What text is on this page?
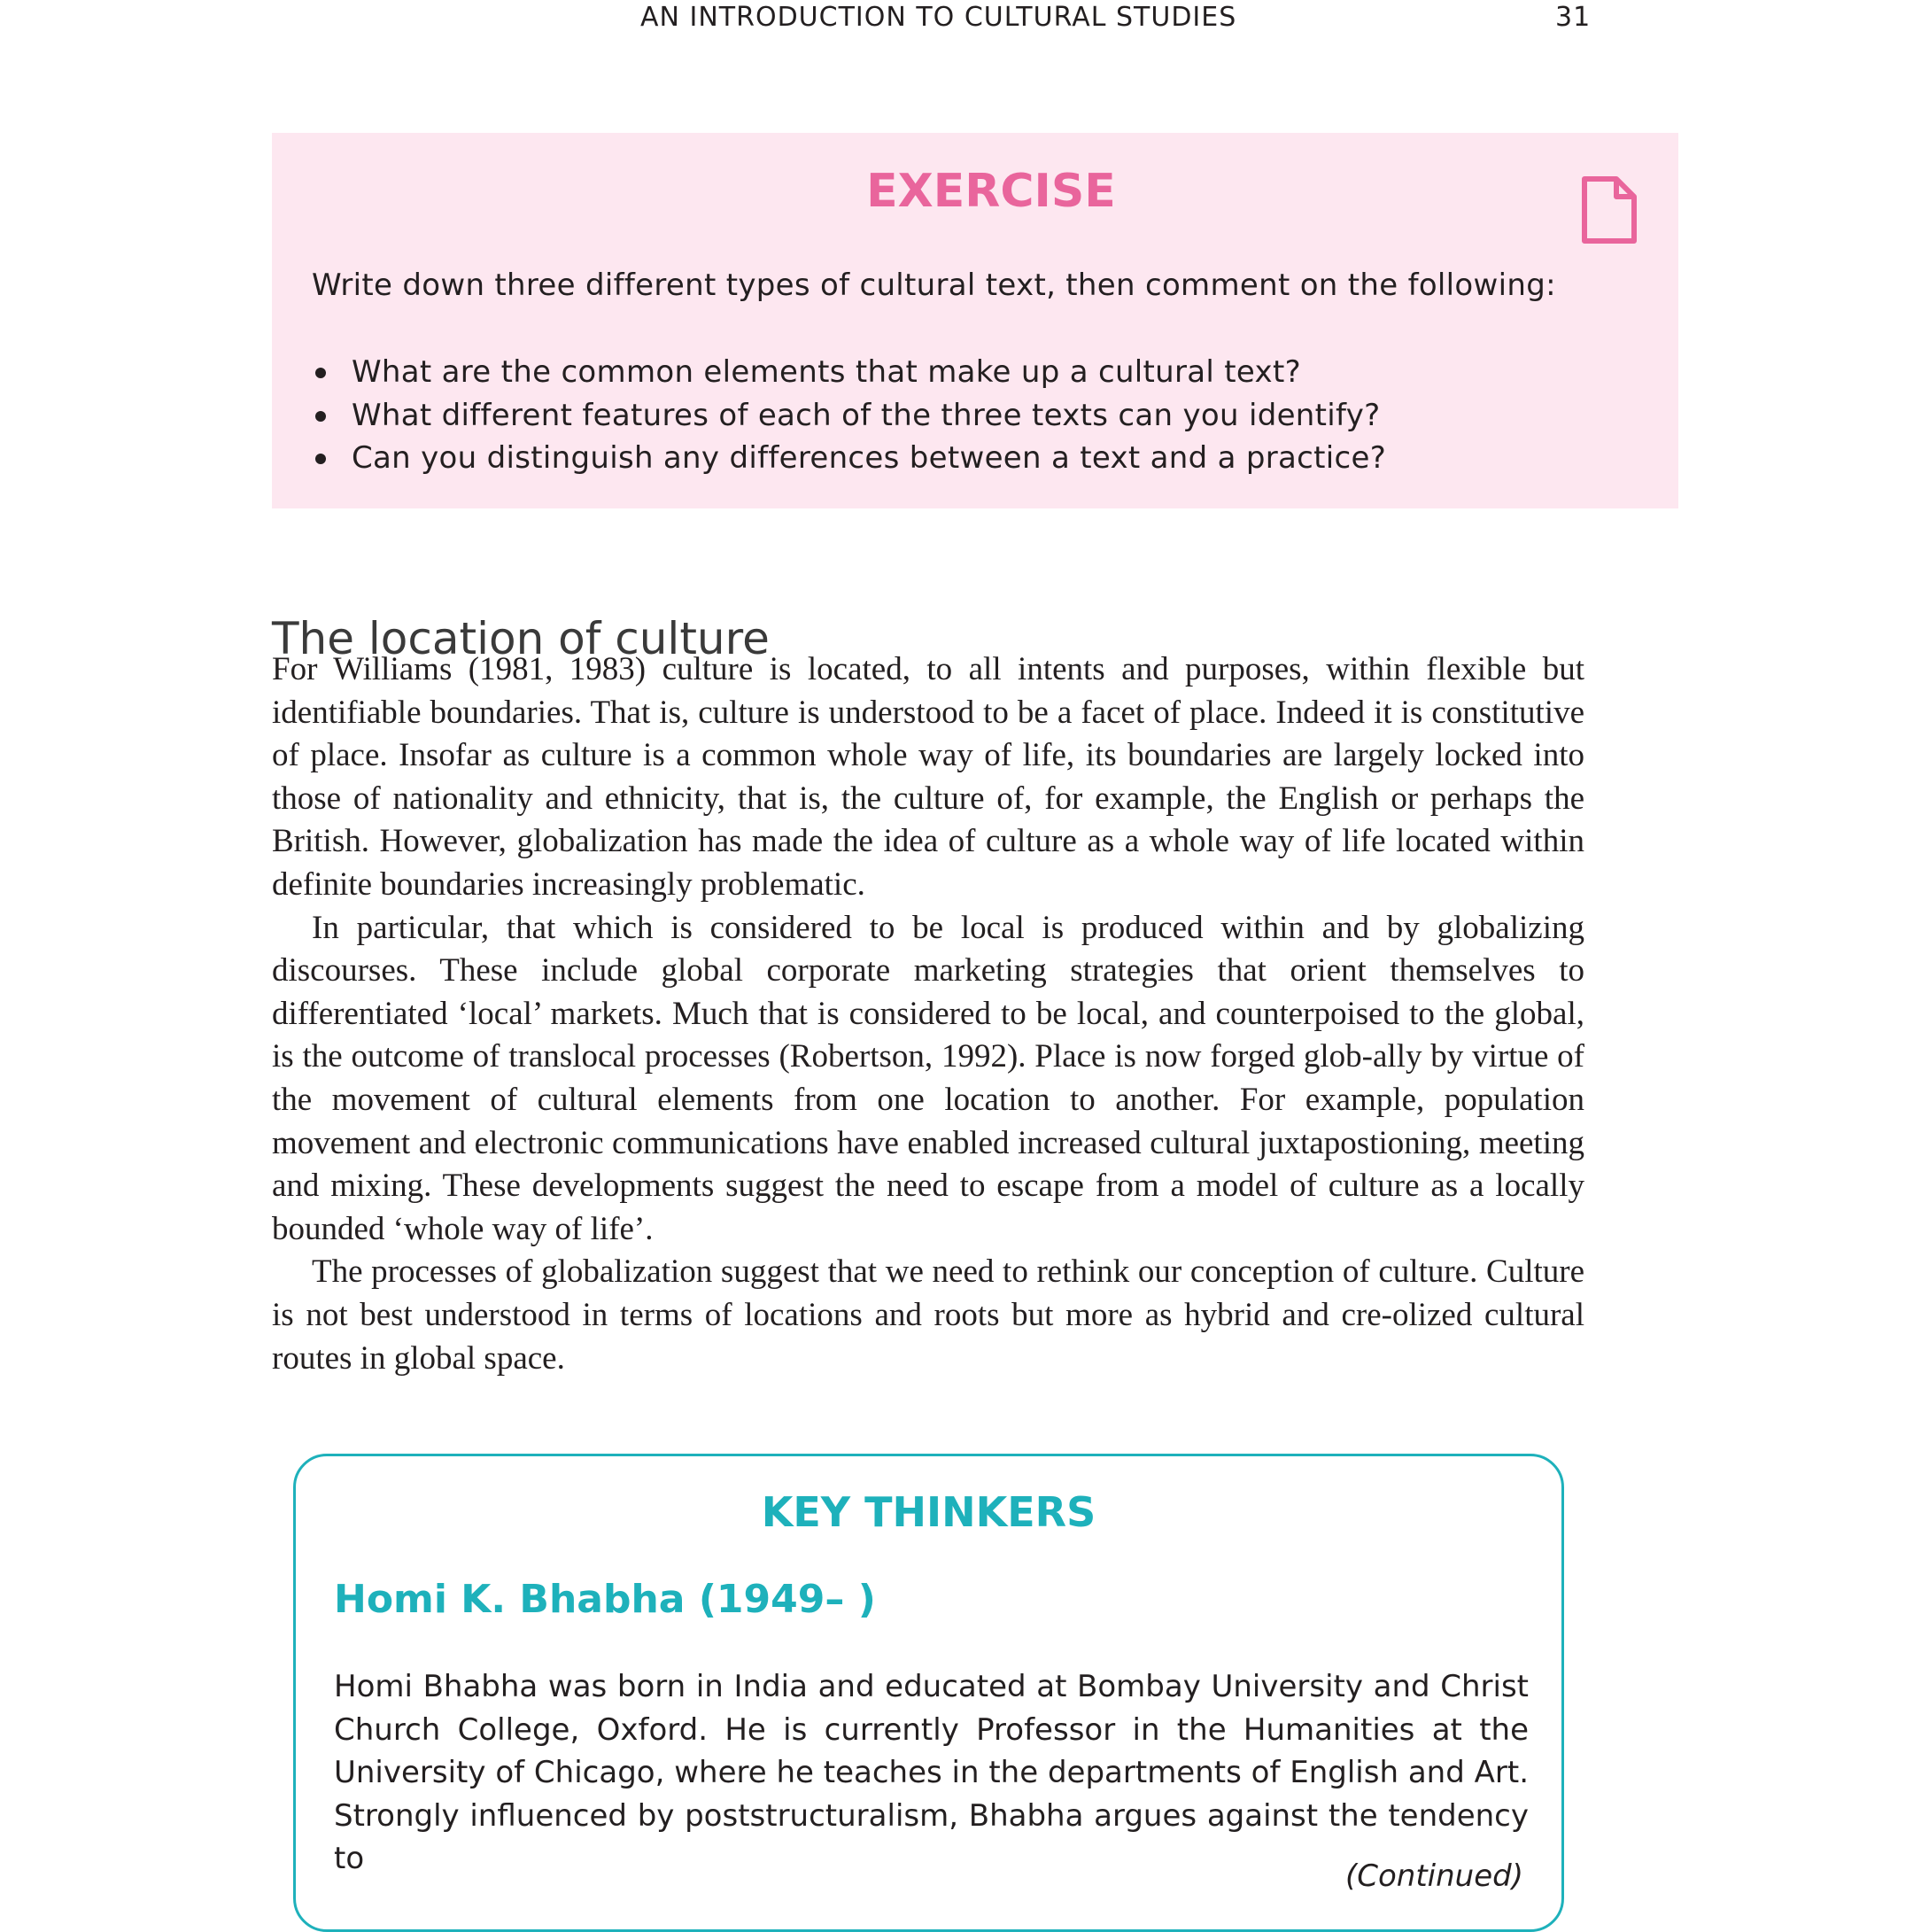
AN INTRODUCTION TO CULTURAL STUDIES	31
EXERCISE
Write down three different types of cultural text, then comment on the following:
What are the common elements that make up a cultural text?
What different features of each of the three texts can you identify?
Can you distinguish any differences between a text and a practice?
The location of culture

For Williams (1981, 1983) culture is located, to all intents and purposes, within flexible but identifiable boundaries. That is, culture is understood to be a facet of place. Indeed it is constitutive of place. Insofar as culture is a common whole way of life, its boundaries are largely locked into those of nationality and ethnicity, that is, the culture of, for example, the English or perhaps the British. However, globalization has made the idea of culture as a whole way of life located within definite boundaries increasingly problematic.

In particular, that which is considered to be local is produced within and by globalizing discourses. These include global corporate marketing strategies that orient themselves to differentiated ‘local’ markets. Much that is considered to be local, and counterpoised to the global, is the outcome of translocal processes (Robertson, 1992). Place is now forged glob-ally by virtue of the movement of cultural elements from one location to another. For example, population movement and electronic communications have enabled increased cultural juxtapostioning, meeting and mixing. These developments suggest the need to escape from a model of culture as a locally bounded ‘whole way of life’.

The processes of globalization suggest that we need to rethink our conception of culture. Culture is not best understood in terms of locations and roots but more as hybrid and cre-olized cultural routes in global space.

KEY THINKERS
Homi K. Bhabha (1949– )

Homi Bhabha was born in India and educated at Bombay University and Christ Church College, Oxford. He is currently Professor in the Humanities at the University of Chicago, where he teaches in the departments of English and Art. Strongly influenced by poststructuralism, Bhabha argues against the tendency to	(Continued)
